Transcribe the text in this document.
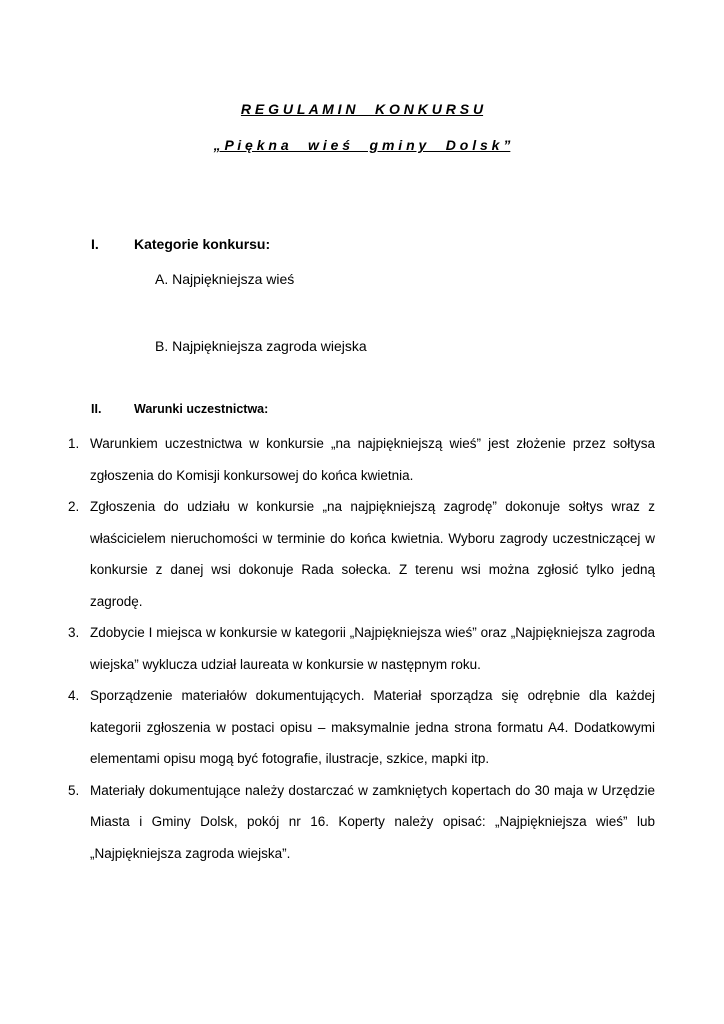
R E G U L A M I N     K O N K U R S U
„ P i ę k n a     w i e ś     g m i n y     D o l s k ”
I.	Kategorie konkursu:
A. Najpiękniejsza wieś
B. Najpiękniejsza zagroda wiejska
II.	Warunki uczestnictwa:
1. Warunkiem uczestnictwa w konkursie „na najpiękniejszą wieś” jest złożenie przez sołtysa zgłoszenia do Komisji konkursowej do końca kwietnia.
2. Zgłoszenia do udziału w konkursie „na najpiękniejszą zagrodę” dokonuje sołtys wraz z właścicielem nieruchomości w terminie do końca kwietnia. Wyboru zagrody uczestniczącej w konkursie z danej wsi dokonuje Rada sołecka. Z terenu wsi można zgłosić tylko jedną zagrodę.
3. Zdobycie I miejsca w konkursie w kategorii „Najpiękniejsza wieś” oraz „Najpiękniejsza zagroda wiejska” wyklucza udział laureata w konkursie w następnym roku.
4. Sporządzenie materiałów dokumentujących. Materiał sporządza się odrębnie dla każdej kategorii zgłoszenia w postaci opisu – maksymalnie jedna strona formatu A4. Dodatkowymi elementami opisu mogą być fotografie, ilustracje, szkice, mapki itp.
5. Materiały dokumentujące należy dostarczać w zamkniętych kopertach do 30 maja w Urzędzie Miasta i Gminy Dolsk, pokój nr 16. Koperty należy opisać: „Najpiękniejsza wieś” lub „Najpiękniejsza zagroda wiejska”.
